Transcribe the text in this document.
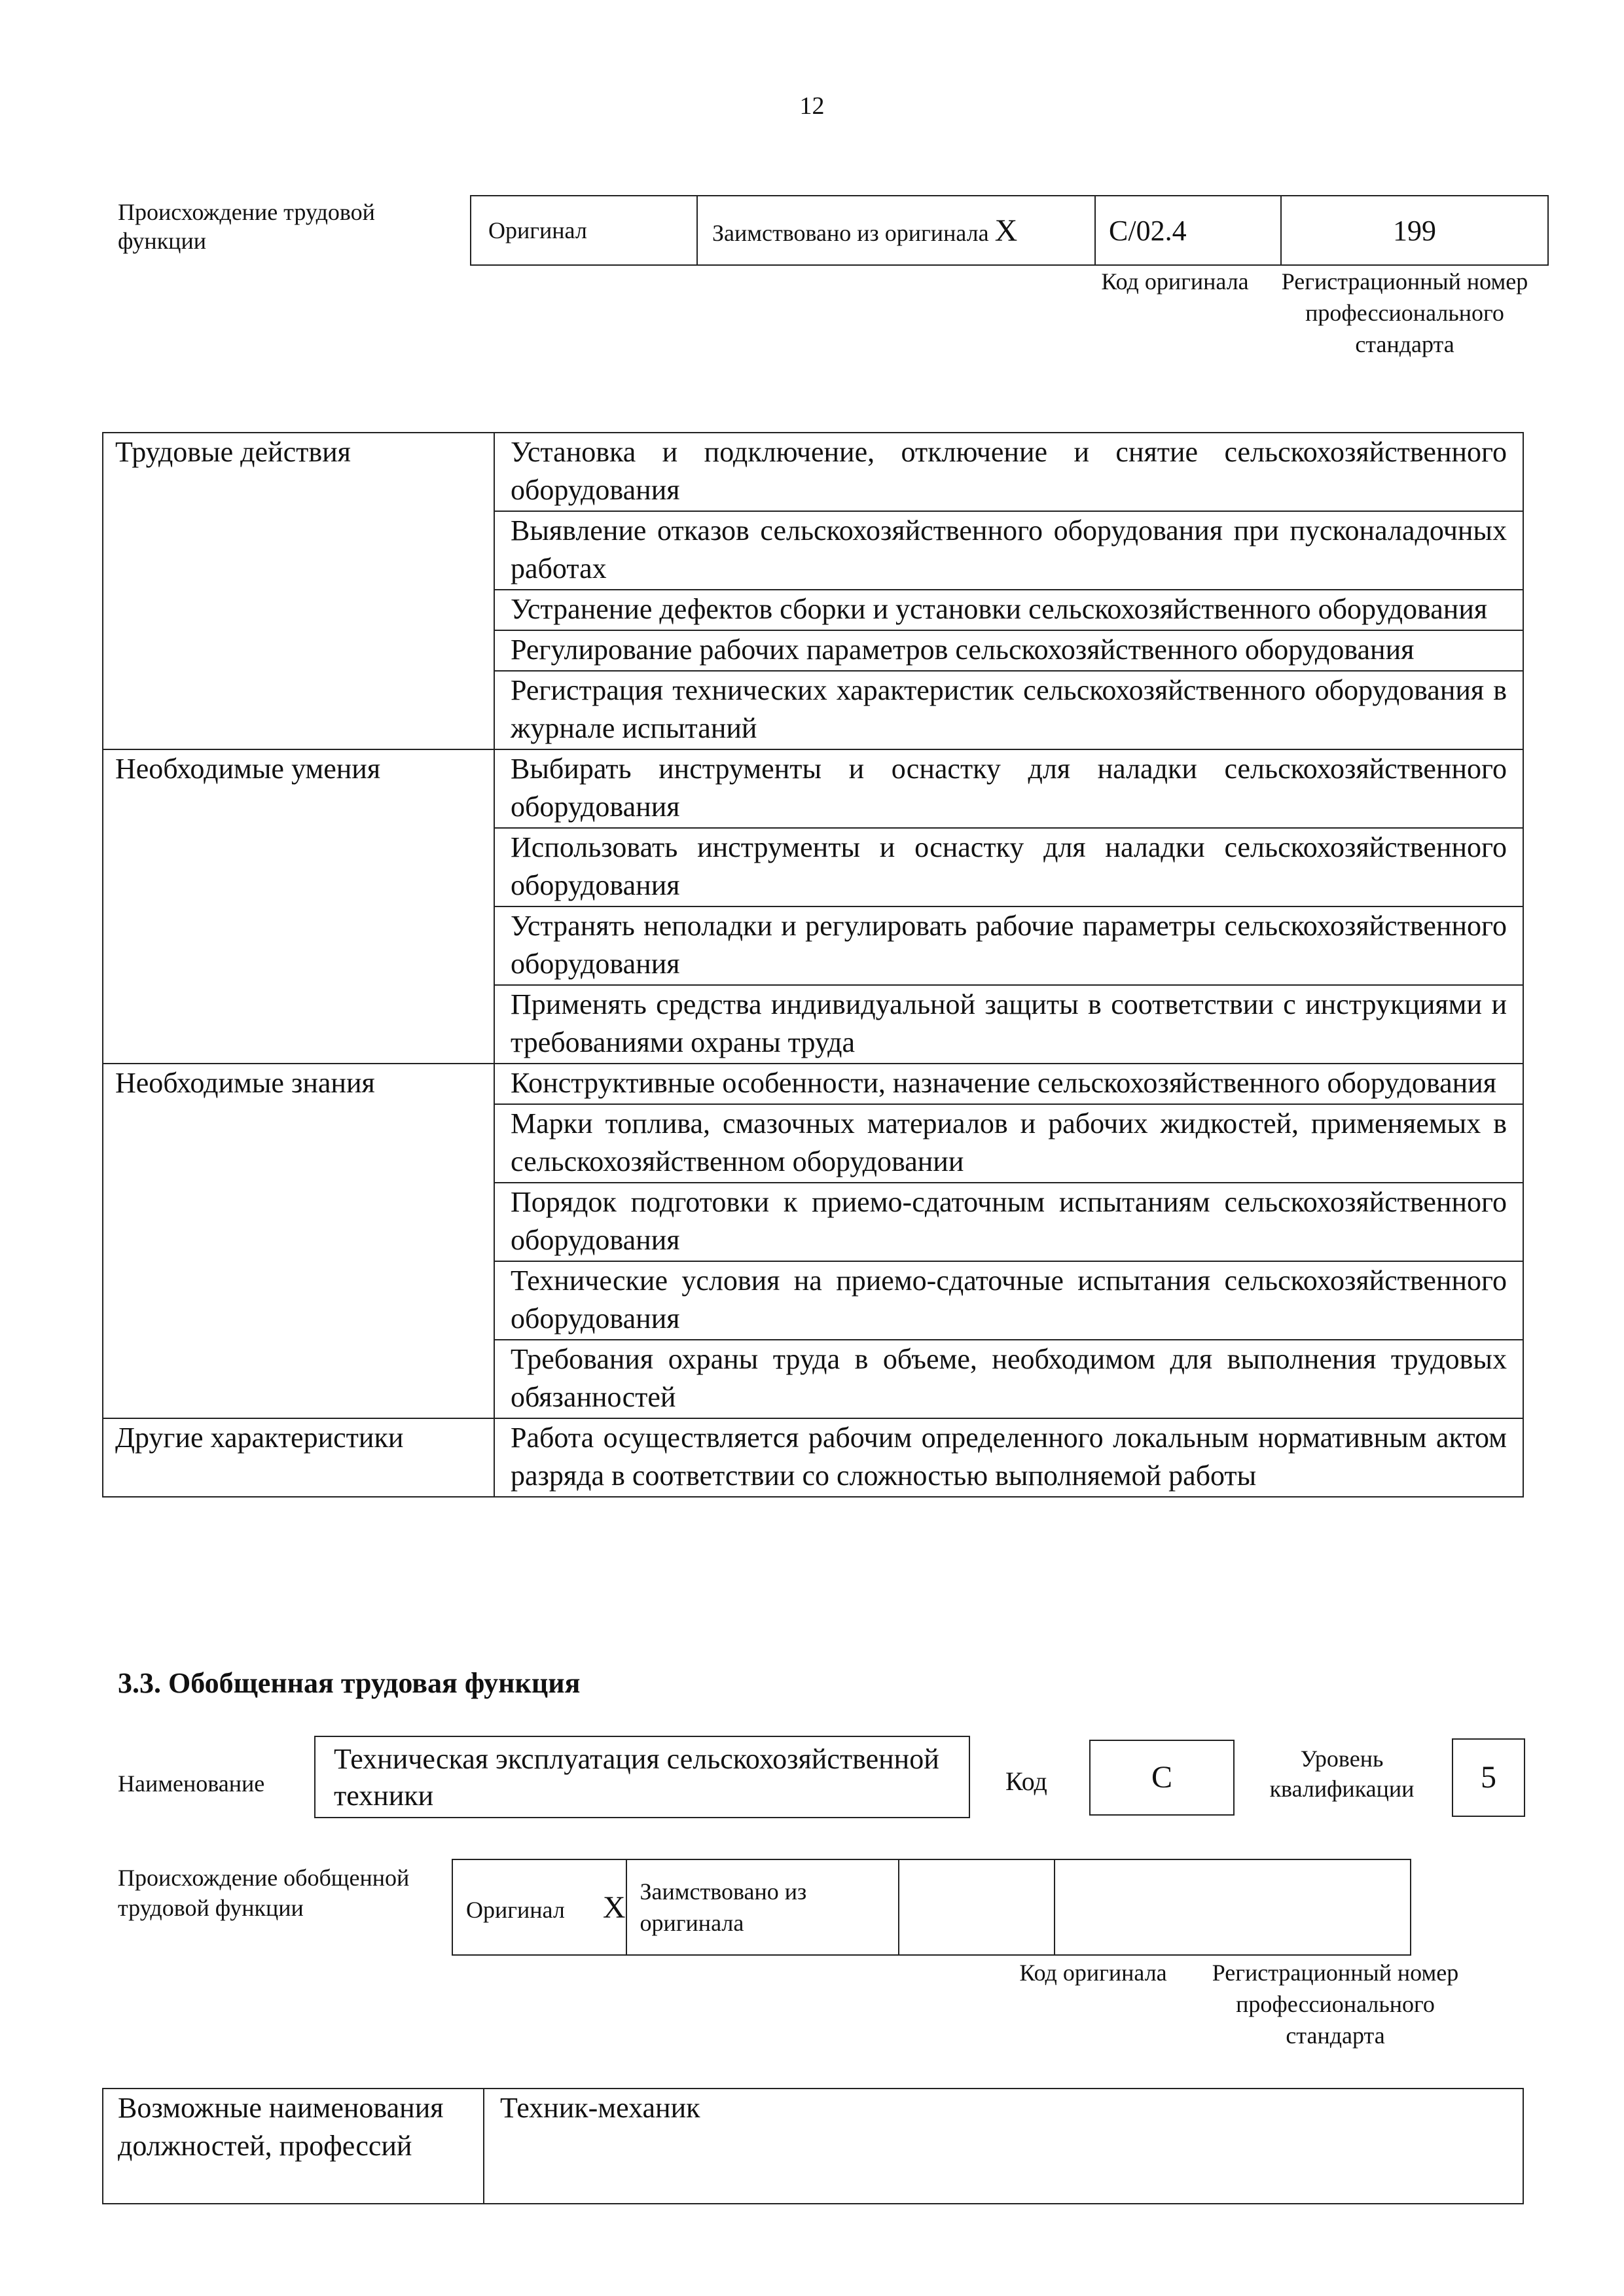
12
Происхождение трудовой функции	Оригинал	Заимствовано из оригинала X	С/02.4	199
Код оригинала	Регистрационный номер профессионального стандарта
Трудовые действия	Установка и подключение, отключение и снятие сельскохозяйственного оборудования
	Выявление отказов сельскохозяйственного оборудования при пусконаладочных работах
	Устранение дефектов сборки и установки сельскохозяйственного оборудования
	Регулирование рабочих параметров сельскохозяйственного оборудования
	Регистрация технических характеристик сельскохозяйственного оборудования в журнале испытаний
Необходимые умения	Выбирать инструменты и оснастку для наладки сельскохозяйственного оборудования
	Использовать инструменты и оснастку для наладки сельскохозяйственного оборудования
	Устранять неполадки и регулировать рабочие параметры сельскохозяйственного оборудования
	Применять средства индивидуальной защиты в соответствии с инструкциями и требованиями охраны труда
Необходимые знания	Конструктивные особенности, назначение сельскохозяйственного оборудования
	Марки топлива, смазочных материалов и рабочих жидкостей, применяемых в сельскохозяйственном оборудовании
	Порядок подготовки к приемо-сдаточным испытаниям сельскохозяйственного оборудования
	Технические условия на приемо-сдаточные испытания сельскохозяйственного оборудования
	Требования охраны труда в объеме, необходимом для выполнения трудовых обязанностей
Другие характеристики	Работа осуществляется рабочим определенного локальным нормативным актом разряда в соответствии со сложностью выполняемой работы
3.3. Обобщенная трудовая функция
Наименование
Техническая эксплуатация сельскохозяйственной техники	Код	С
Уровень квалификации	5
Происхождение обобщенной трудовой функции	Оригинал X	Заимствовано из оригинала		
Код оригинала	Регистрационный номер профессионального стандарта
Возможные наименования должностей, профессий	Техник-механик
